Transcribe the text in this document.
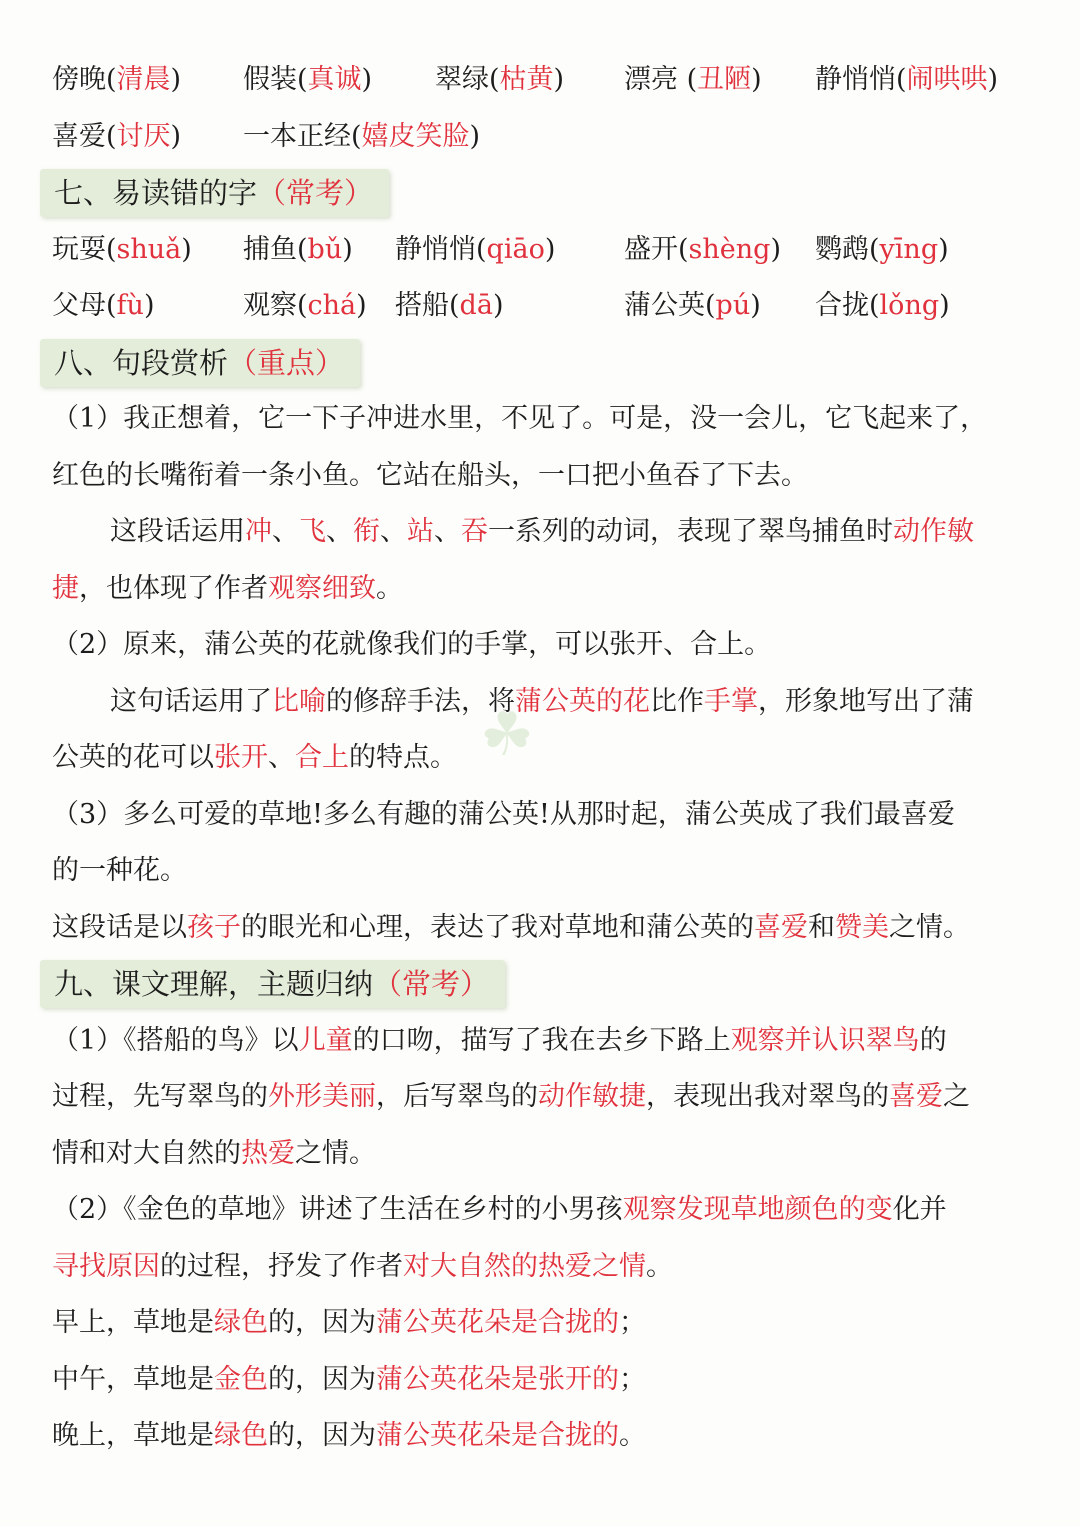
☘
傍晚(清晨)	假装(真诚)	翠绿(枯黄)	漂亮 (丑陋)	静悄悄(闹哄哄)
喜爱(讨厌)	一本正经(嬉皮笑脸)
七、易读错的字（常考）
玩耍(shuǎ)	捕鱼(bǔ)	静悄悄(qiāo)	盛开(shèng)	鹦鹉(yīng)
父母(fù)	观察(chá)	搭船(dā)	蒲公英(pú)	合拢(lǒng)
八、句段赏析（重点）
（1）我正想着，它一下子冲进水里，不见了。可是，没一会儿，它飞起来了，
红色的长嘴衔着一条小鱼。它站在船头，一口把小鱼吞了下去。
这段话运用冲、飞、衔、站、吞一系列的动词，表现了翠鸟捕鱼时动作敏
捷，也体现了作者观察细致。
（2）原来，蒲公英的花就像我们的手掌，可以张开、合上。
这句话运用了比喻的修辞手法，将蒲公英的花比作手掌，形象地写出了蒲
公英的花可以张开、合上的特点。
（3）多么可爱的草地!多么有趣的蒲公英!从那时起，蒲公英成了我们最喜爱
的一种花。
这段话是以孩子的眼光和心理，表达了我对草地和蒲公英的喜爱和赞美之情。
九、课文理解，主题归纳（常考）
（1）《搭船的鸟》以儿童的口吻，描写了我在去乡下路上观察并认识翠鸟的
过程，先写翠鸟的外形美丽，后写翠鸟的动作敏捷，表现出我对翠鸟的喜爱之
情和对大自然的热爱之情。
（2）《金色的草地》讲述了生活在乡村的小男孩观察发现草地颜色的变化并
寻找原因的过程，抒发了作者对大自然的热爱之情。
早上，草地是绿色的，因为蒲公英花朵是合拢的；
中午，草地是金色的，因为蒲公英花朵是张开的；
晚上，草地是绿色的，因为蒲公英花朵是合拢的。
